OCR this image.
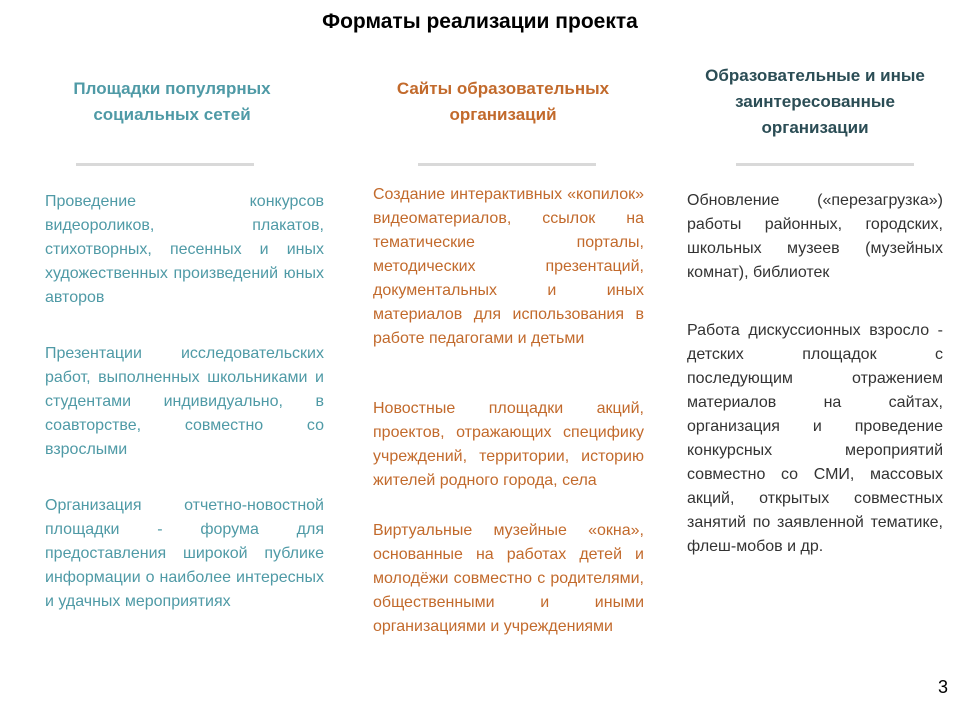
Форматы реализации проекта
Площадки популярных социальных сетей

Проведение конкурсов видеороликов, плакатов, стихотворных, песенных и иных художественных произведений юных авторов

Презентации исследовательских работ, выполненных школьниками и студентами индивидуально, в соавторстве, совместно со взрослыми

Организация отчетно-новостной площадки - форума для предоставления широкой публике информации о наиболее интересных и удачных мероприятиях

Сайты образовательных организаций

Создание интерактивных «копилок» видеоматериалов, ссылок на тематические порталы, методических презентаций, документальных и иных материалов для использования в работе педагогами и детьми

Новостные площадки акций, проектов, отражающих специфику учреждений, территории, историю жителей родного города, села

Виртуальные музейные «окна», основанные на работах детей и молодёжи совместно с родителями, общественными и иными организациями и учреждениями

Образовательные и иные заинтересованные организации

Обновление («перезагрузка») работы районных, городских, школьных музеев (музейных комнат), библиотек

Работа дискуссионных взросло - детских площадок с последующим отражением материалов на сайтах, организация и проведение конкурсных мероприятий совместно со СМИ, массовых акций, открытых совместных занятий по заявленной тематике, флеш-мобов и др.

3
